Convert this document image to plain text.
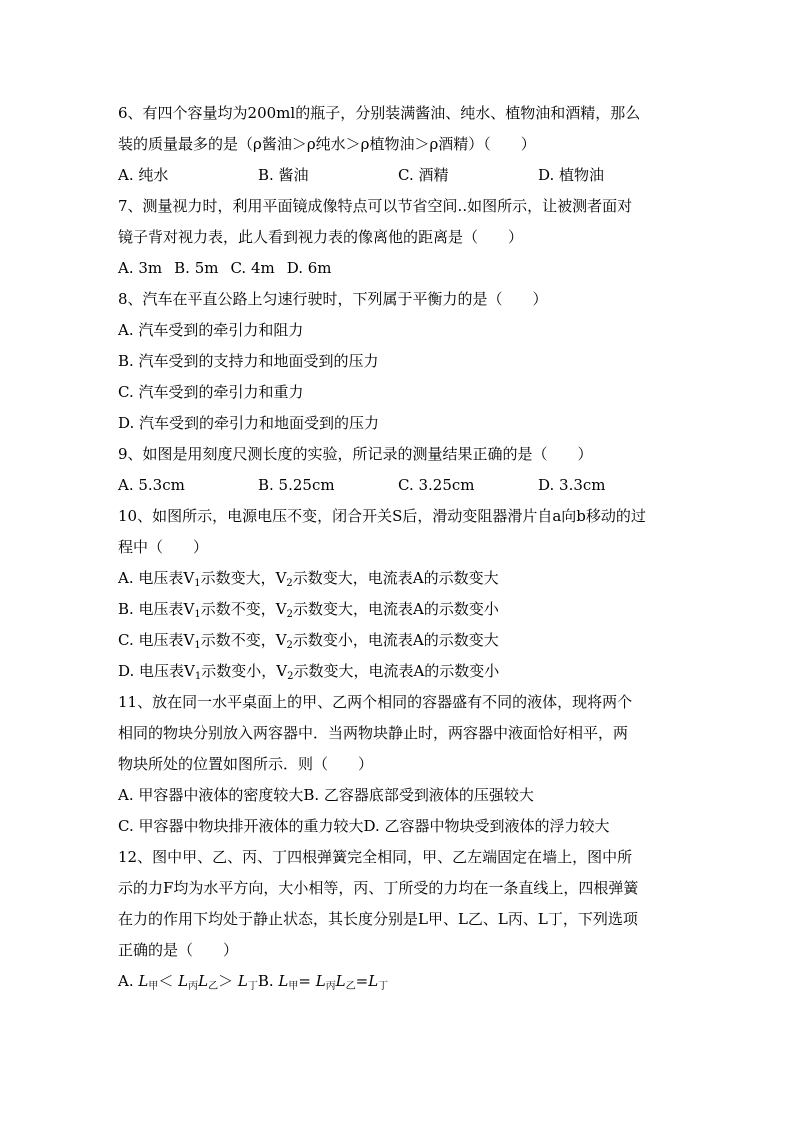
6、有四个容量均为200ml的瓶子，分别装满酱油、纯水、植物油和酒精，那么
装的质量最多的是（ρ酱油＞ρ纯水＞ρ植物油＞ρ酒精）（　　）
A. 纯水	B. 酱油	C. 酒精	D. 植物油
7、测量视力时，利用平面镜成像特点可以节省空间..如图所示，让被测者面对
镜子背对视力表，此人看到视力表的像离他的距离是（　　）
A. 3m B. 5m C. 4m D. 6m
8、汽车在平直公路上匀速行驶时，下列属于平衡力的是（　　）
A. 汽车受到的牵引力和阻力
B. 汽车受到的支持力和地面受到的压力
C. 汽车受到的牵引力和重力
D. 汽车受到的牵引力和地面受到的压力
9、如图是用刻度尺测长度的实验，所记录的测量结果正确的是（　　）
A. 5.3cm	B. 5.25cm	C. 3.25cm	D. 3.3cm
10、如图所示，电源电压不变，闭合开关S后，滑动变阻器滑片自a向b移动的过
程中（　　）
A. 电压表$V_1$示数变大，$V_2$示数变大，电流表A的示数变大
B. 电压表$V_1$示数不变，$V_2$示数变大，电流表A的示数变小
C. 电压表$V_1$示数不变，$V_2$示数变小，电流表A的示数变大
D. 电压表$V_1$示数变小，$V_2$示数变大，电流表A的示数变小
11、放在同一水平桌面上的甲、乙两个相同的容器盛有不同的液体，现将两个
相同的物块分别放入两容器中．当两物块静止时，两容器中液面恰好相平，两
物块所处的位置如图所示．则（　　）
A. 甲容器中液体的密度较大B. 乙容器底部受到液体的压强较大
C. 甲容器中物块排开液体的重力较大D. 乙容器中物块受到液体的浮力较大
12、图中甲、乙、丙、丁四根弹簧完全相同，甲、乙左端固定在墙上，图中所
示的力F均为水平方向，大小相等，丙、丁所受的力均在一条直线上，四根弹簧
在力的作用下均处于静止状态，其长度分别是L甲、L乙、L丙、L丁，下列选项
正确的是（　　）
A. $L_甲< L_丙L_乙> L_丁B$. $L_甲= L_丙L_乙=L_丁$
